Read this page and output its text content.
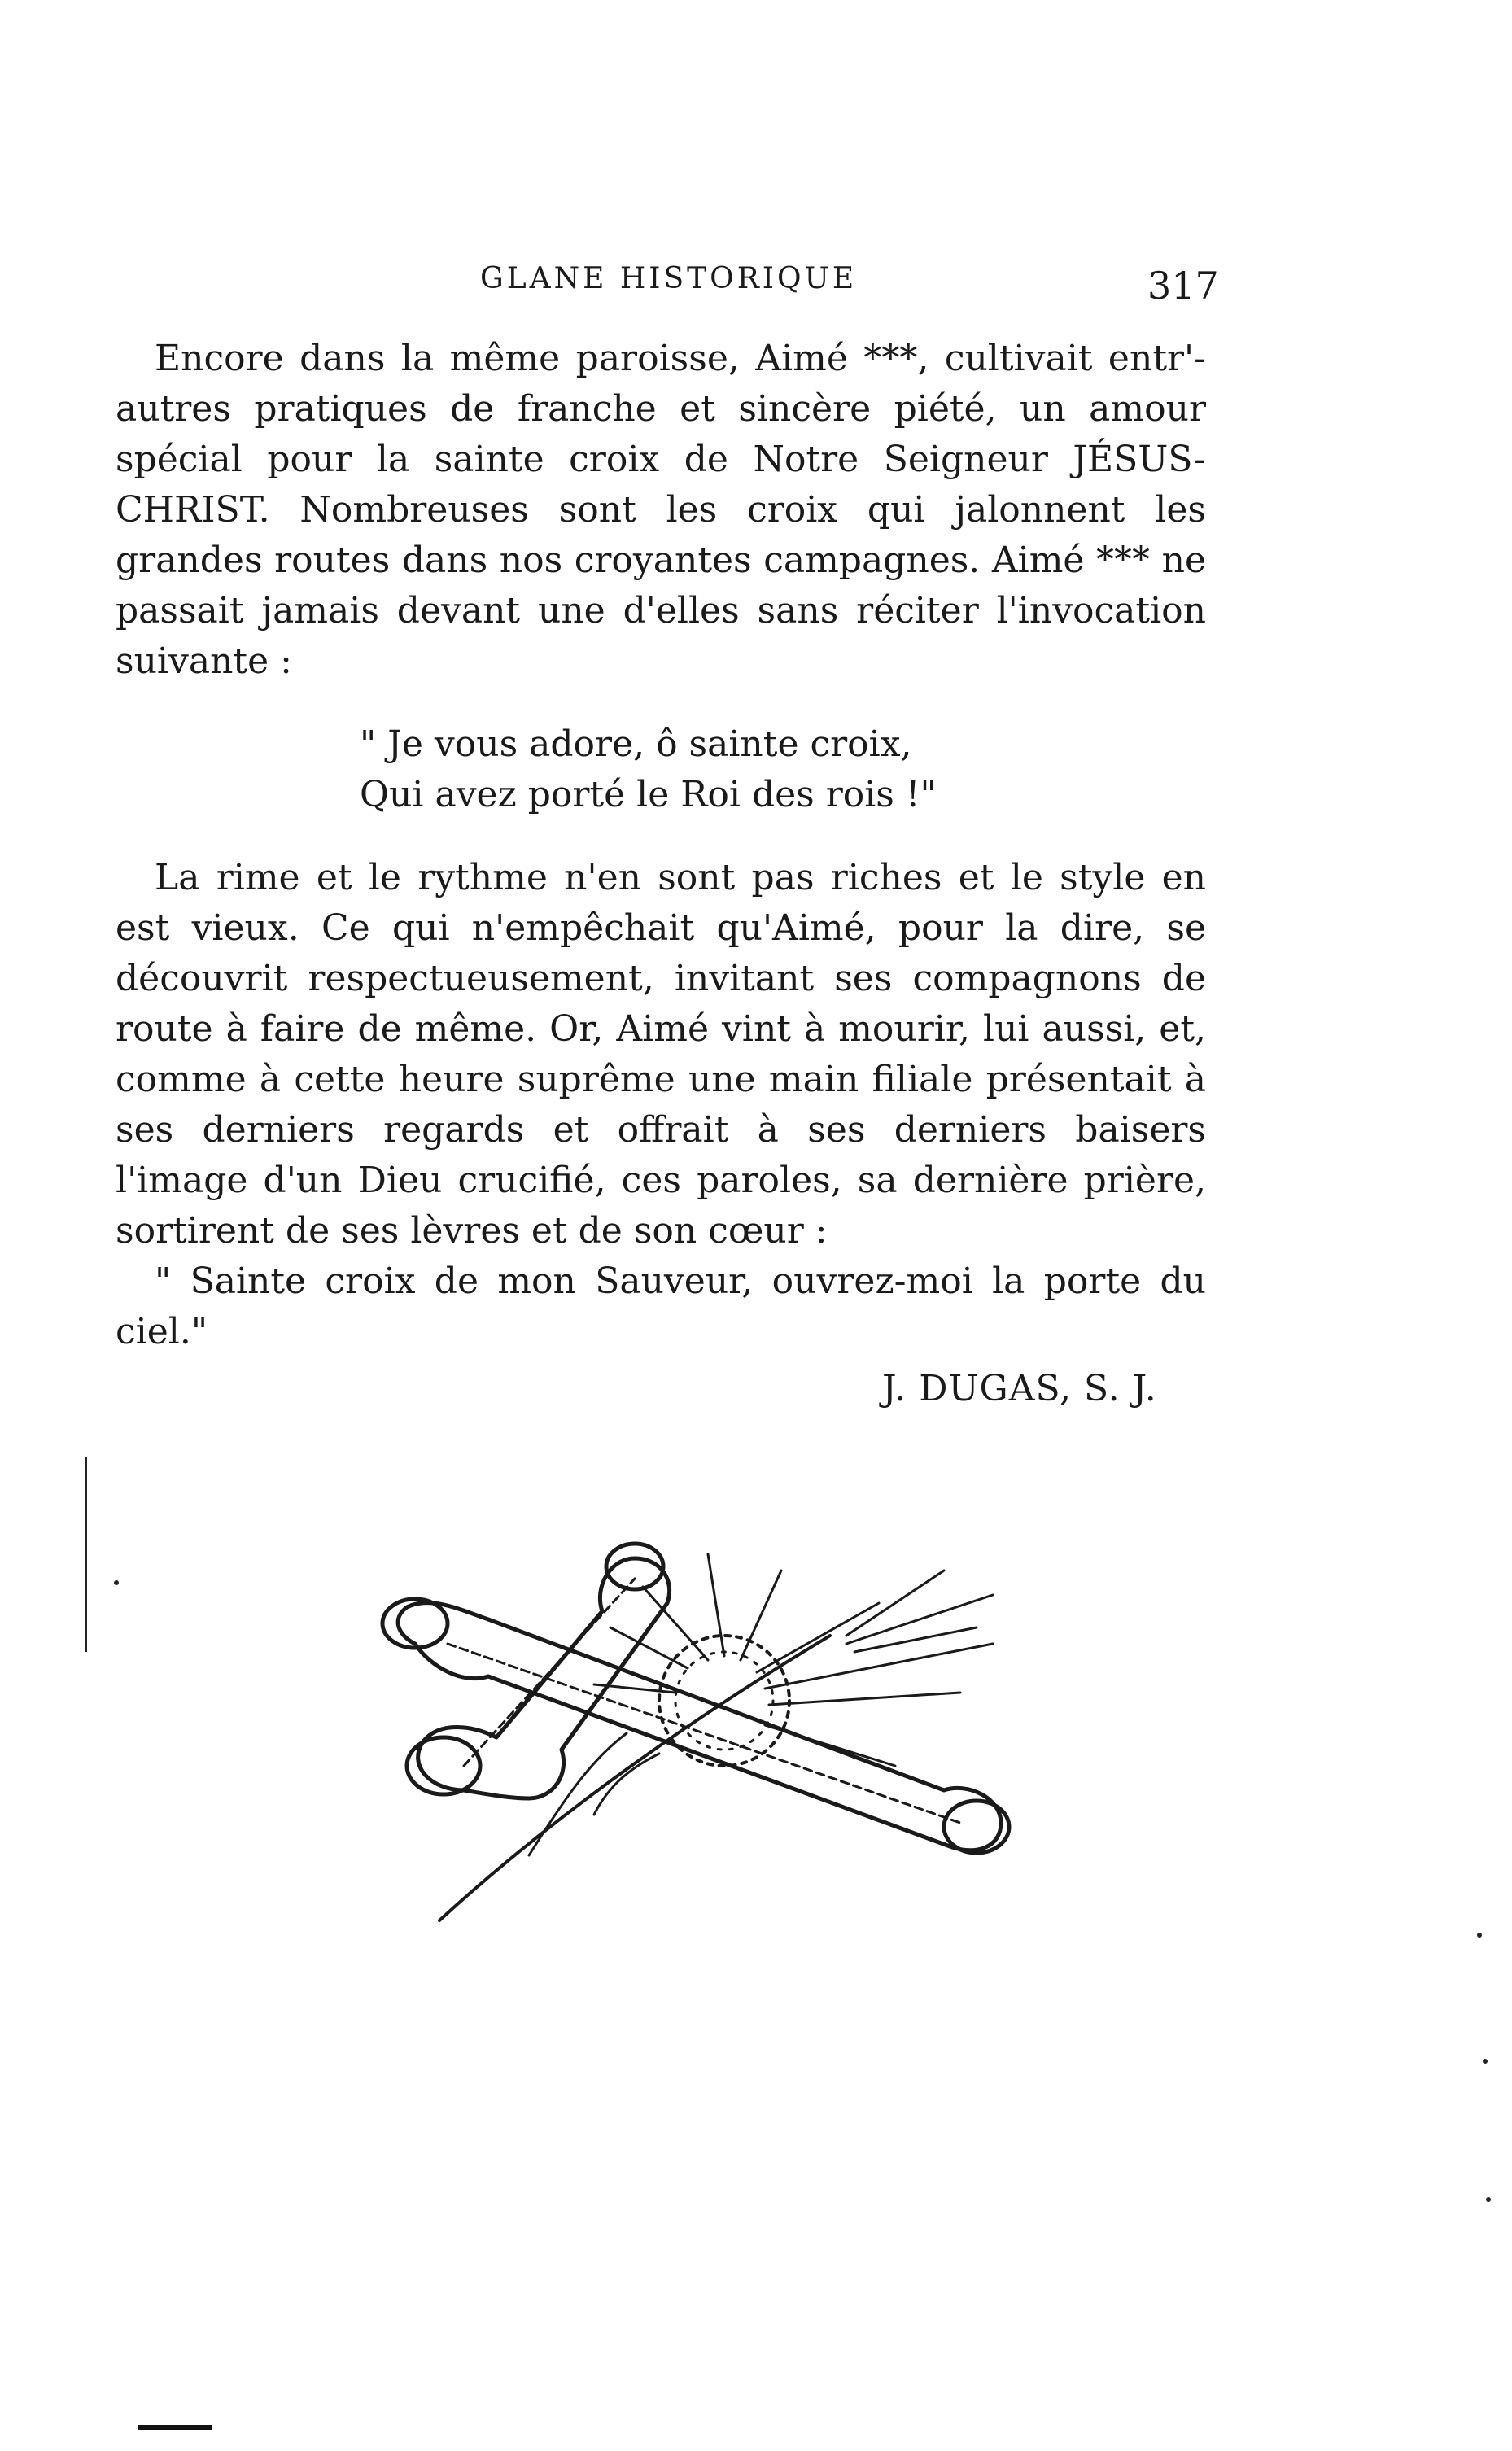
GLANE HISTORIQUE	317

Encore dans la même paroisse, Aimé ***, cultivait entr'-autres pratiques de franche et sincère piété, un amour spécial pour la sainte croix de Notre Seigneur JÉSUS-CHRIST. Nombreuses sont les croix qui jalonnent les grandes routes dans nos croyantes campagnes. Aimé *** ne passait jamais devant une d'elles sans réciter l'invocation suivante :

" Je vous adore, ô sainte croix,
Qui avez porté le Roi des rois !"

La rime et le rythme n'en sont pas riches et le style en est vieux. Ce qui n'empêchait qu'Aimé, pour la dire, se découvrit respectueusement, invitant ses compagnons de route à faire de même. Or, Aimé vint à mourir, lui aussi, et, comme à cette heure suprême une main filiale présentait à ses derniers regards et offrait à ses derniers baisers l'image d'un Dieu crucifié, ces paroles, sa dernière prière, sortirent de ses lèvres et de son cœur :

" Sainte croix de mon Sauveur, ouvrez-moi la porte du ciel."

J. DUGAS, S. J.
